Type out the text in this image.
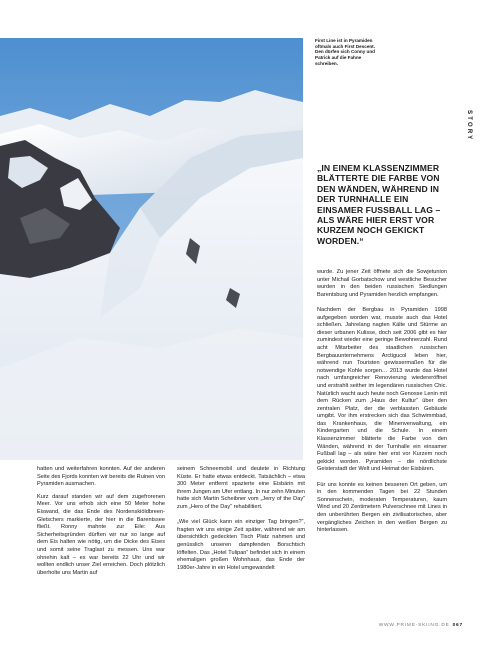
First Line ist in Pyramiden oftmals auch First Descent. Den dürfen sich Conny und Patrick auf die Fahne schreiben.

STORY

„IN EINEM KLASSENZIMMER BLÄTTERTE DIE FARBE VON DEN WÄNDEN, WÄHREND IN DER TURNHALLE EIN EINSAMER FUSSBALL LAG – ALS WÄRE HIER ERST VOR KURZEM NOCH GEKICKT WORDEN.“

hatten und weiterfahren konnten. Auf der anderen Seite des Fjords konnten wir bereits die Ruinen von Pyramiden ausmachen.

Kurz darauf standen wir auf dem zugefrorenen Meer. Vor uns erhob sich eine 50 Meter hohe Eiswand, die das Ende des Nordenskiöldbreen-Gletschers markierte, der hier in die Barentssee fließt. Ronny mahnte zur Eile: Aus Sicherheitsgründen dürften wir nur so lange auf dem Eis halten wie nötig, um die Dicke des Eises und somit seine Traglast zu messen. Uns war ohnehin kalt – es war bereits 22 Uhr und wir wollten endlich unser Ziel erreichen. Doch plötzlich überholte uns Martin auf

seinem Schneemobil und deutete in Richtung Küste. Er hatte etwas entdeckt. Tatsächlich – etwa 300 Meter entfernt spazierte eine Eisbärin mit ihrem Jungen am Ufer entlang. In nur zehn Minuten hatte sich Martin Scheibner vom „Jerry of the Day“ zum „Hero of the Day“ rehabilitiert.

„Wie viel Glück kann ein einziger Tag bringen?“, fragten wir uns einige Zeit später, während wir am übersichtlich gedeckten Tisch Platz nahmen und genüsslich unseren dampfenden Borschtsch löffelten. Das „Hotel Tulipan“ befindet sich in einem ehemaligen großen Wohnhaus, das Ende der 1980er-Jahre in ein Hotel umgewandelt

wurde. Zu jener Zeit öffnete sich die Sowjetunion unter Michail Gorbatschow und westliche Besucher wurden in den beiden russischen Siedlungen Barentsburg und Pyramiden herzlich empfangen.

Nachdem der Bergbau in Pyramiden 1998 aufgegeben worden war, musste auch das Hotel schließen. Jahrelang nagten Kälte und Stürme an dieser urbanen Kulisse, doch seit 2006 gibt es hier zumindest wieder eine geringe Bewohnerzahl. Rund acht Mitarbeiter des staatlichen russischen Bergbauunternehmens Arctigucol leben hier, während nun Touristen gewissermaßen für die notwendige Kohle sorgen… 2013 wurde das Hotel nach umfangreicher Renovierung wiedereröffnet und erstrahlt seither im legendären russischen Chic. Natürlich wacht auch heute noch Genosse Lenin mit dem Rücken zum „Haus der Kultur“ über den zentralen Platz, der die verblassten Gebäude umgibt. Vor ihm erstrecken sich das Schwimmbad, das Krankenhaus, die Minenverwaltung, ein Kindergarten und die Schule. In einem Klassenzimmer blätterte die Farbe von den Wänden, während in der Turnhalle ein einsamer Fußball lag – als wäre hier erst vor Kurzem noch gekickt worden. Pyramiden – die nördlichste Geisterstadt der Welt und Heimat der Eisbären.

Für uns konnte es keinen besseren Ort geben, um in den kommenden Tagen bei 22 Stunden Sonnenschein, moderaten Temperaturen, kaum Wind und 20 Zentimetern Pulverschnee mit Lines in den unberührten Bergen ein zivilisatorisches, aber vergängliches Zeichen in den weißen Bergen zu hinterlassen.

WWW.PRIME-SKIING.DE 067
